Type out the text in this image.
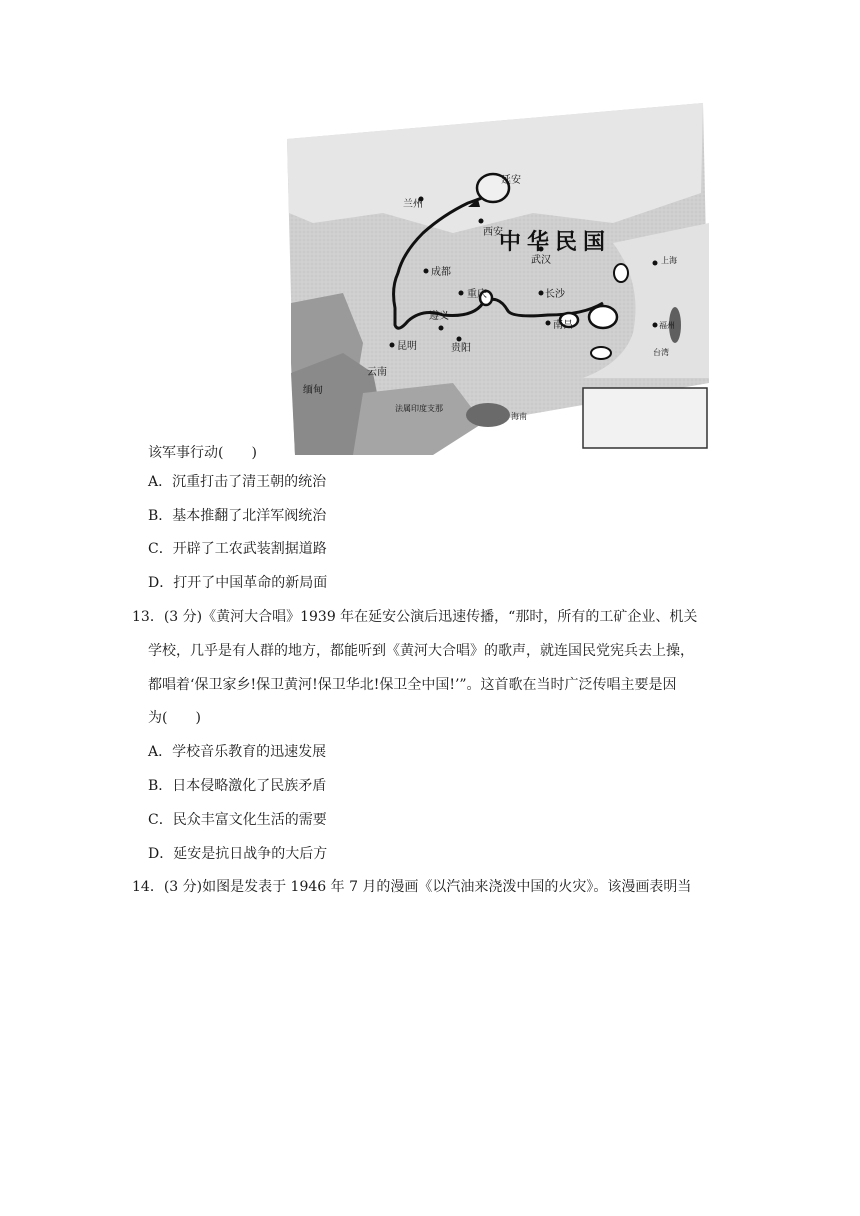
中华民国
延安
兰州
西安
武汉
成都
重庆	长沙
遵义
贵阳
南昌
昆明
云南
缅甸
法属印度支那
海南
台湾
福州
上海
该军事行动(　　)
A．沉重打击了清王朝的统治
B．基本推翻了北洋军阀统治
C．开辟了工农武装割据道路
D．打开了中国革命的新局面
13．(3 分)《黄河大合唱》1939 年在延安公演后迅速传播，“那时，所有的工矿企业、机关
学校，几乎是有人群的地方，都能听到《黄河大合唱》的歌声，就连国民党宪兵去上操，
都唱着‘保卫家乡!保卫黄河!保卫华北!保卫全中国!’”。这首歌在当时广泛传唱主要是因
为(　　)
A．学校音乐教育的迅速发展
B．日本侵略激化了民族矛盾
C．民众丰富文化生活的需要
D．延安是抗日战争的大后方
14．(3 分)如图是发表于 1946 年 7 月的漫画《以汽油来浇泼中国的火灾》。该漫画表明当
